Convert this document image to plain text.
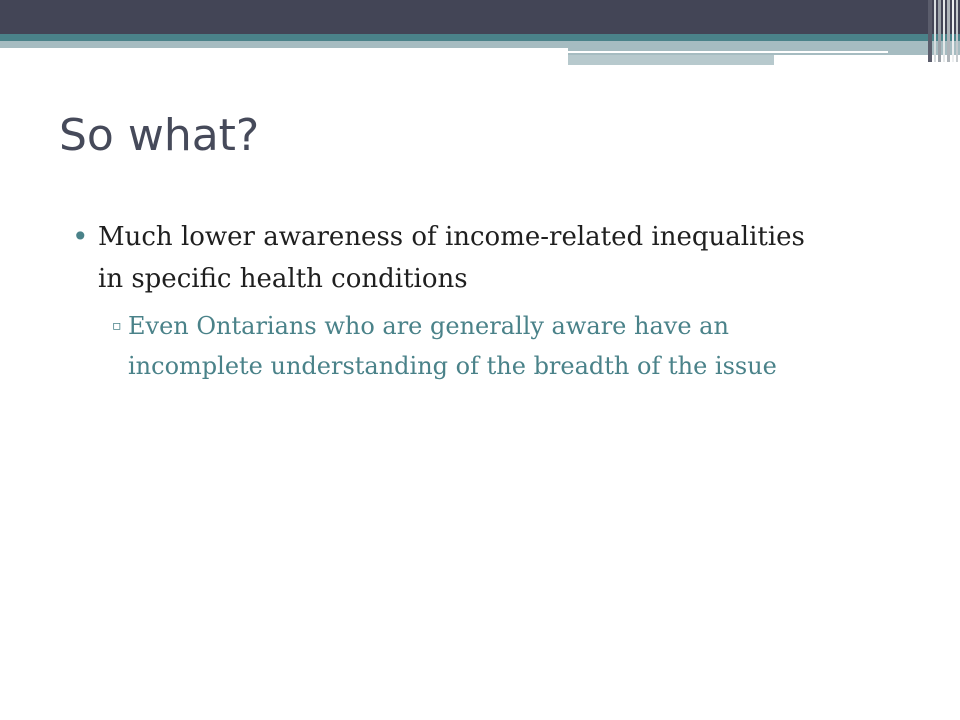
So what?
• Much lower awareness of income-related inequalities in specific health conditions
▫ Even Ontarians who are generally aware have an incomplete understanding of the breadth of the issue
